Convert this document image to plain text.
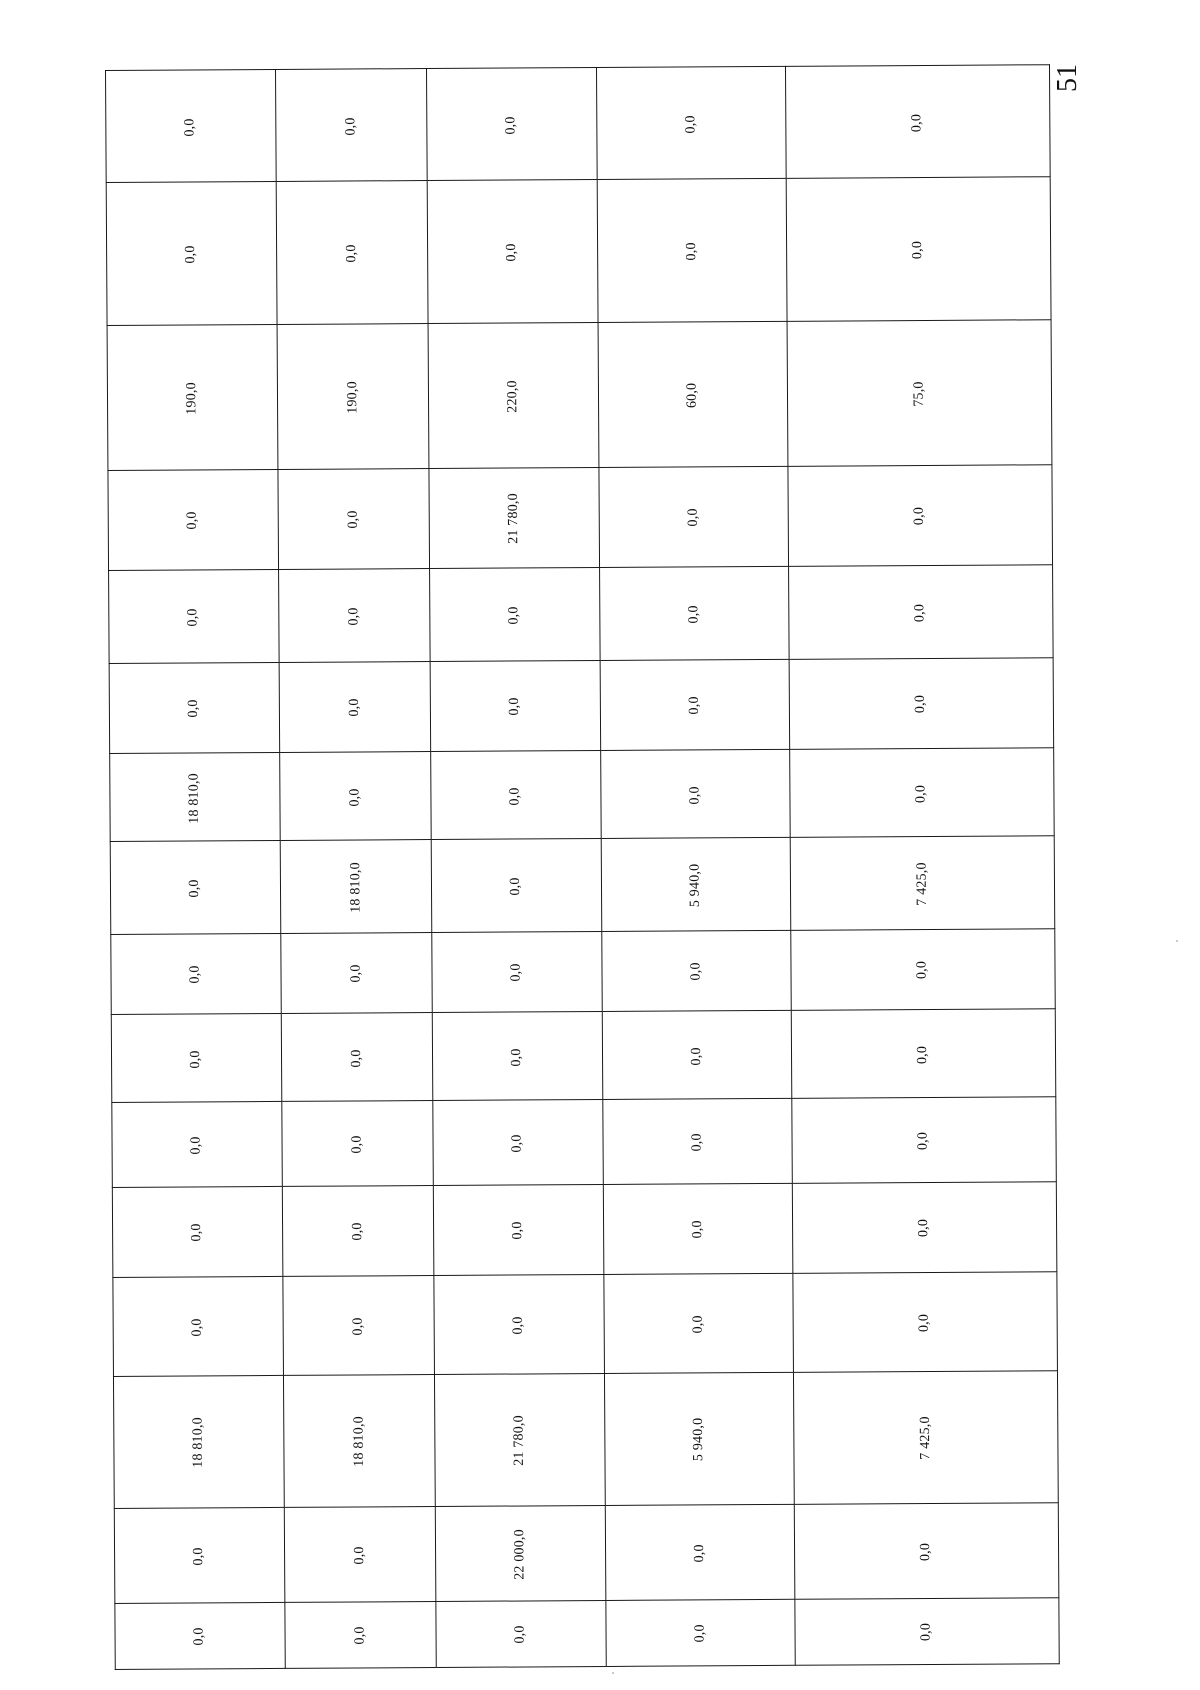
51
0,0	0,0	0,0	0,0	0,0
0,0	0,0	0,0	0,0	0,0
190,0	190,0	220,0	60,0	75,0
0,0	0,0	21 780,0	0,0	0,0
0,0	0,0	0,0	0,0	0,0
0,0	0,0	0,0	0,0	0,0
18 810,0	0,0	0,0	0,0	0,0
0,0	18 810,0	0,0	5 940,0	7 425,0
0,0	0,0	0,0	0,0	0,0
0,0	0,0	0,0	0,0	0,0
0,0	0,0	0,0	0,0	0,0
0,0	0,0	0,0	0,0	0,0
0,0	0,0	0,0	0,0	0,0
18 810,0	18 810,0	21 780,0	5 940,0	7 425,0
0,0	0,0	22 000,0	0,0	0,0
0,0	0,0	0,0	0,0	0,0
